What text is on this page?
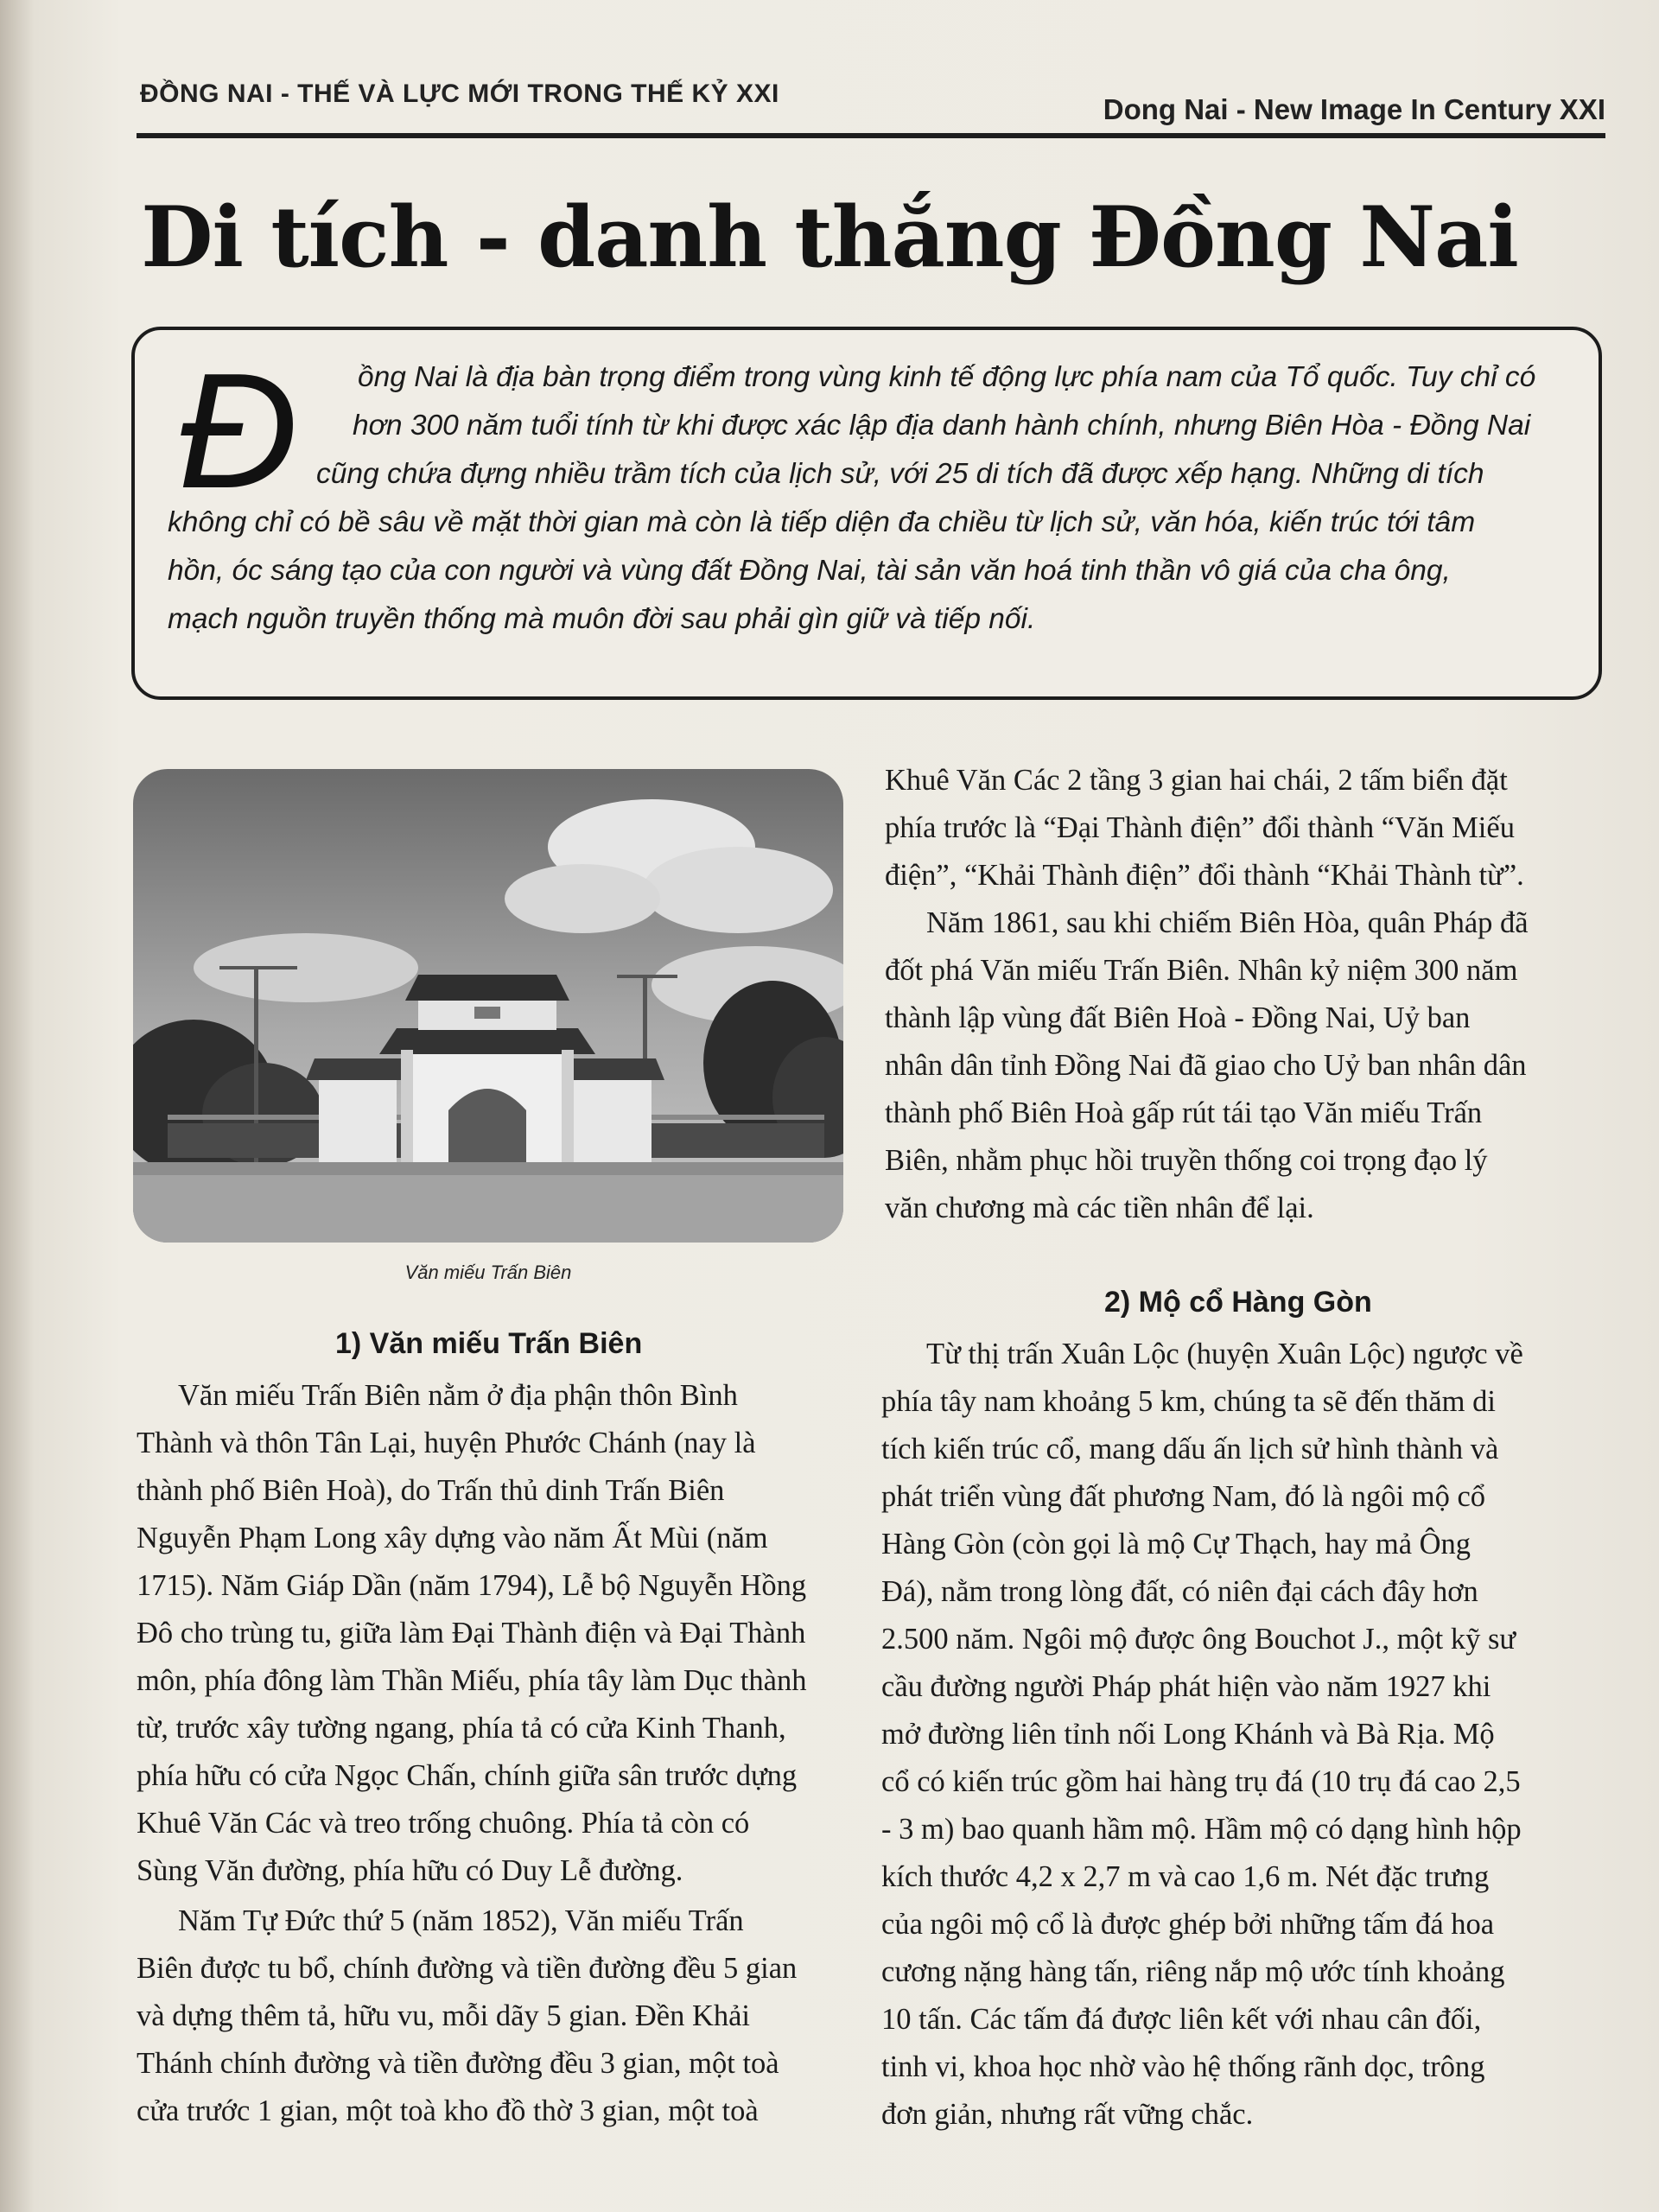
ĐỒNG NAI - THẾ VÀ LỰC MỚI TRONG THẾ KỶ XXI	Dong Nai - New Image In Century XXI
Di tích - danh thắng Đồng Nai
Đ ồng Nai là địa bàn trọng điểm trong vùng kinh tế động lực phía nam của Tổ quốc. Tuy chỉ có
hơn 300 năm tuổi tính từ khi được xác lập địa danh hành chính, nhưng Biên Hòa - Đồng Nai
cũng chứa đựng nhiều trầm tích của lịch sử, với 25 di tích đã được xếp hạng. Những di tích
không chỉ có bề sâu về mặt thời gian mà còn là tiếp diện đa chiều từ lịch sử, văn hóa, kiến trúc tới tâm
hồn, óc sáng tạo của con người và vùng đất Đồng Nai, tài sản văn hoá tinh thần vô giá của cha ông,
mạch nguồn truyền thống mà muôn đời sau phải gìn giữ và tiếp nối.
Văn miếu Trấn Biên
1) Văn miếu Trấn Biên
Văn miếu Trấn Biên nằm ở địa phận thôn Bình
Thành và thôn Tân Lại, huyện Phước Chánh (nay là
thành phố Biên Hoà), do Trấn thủ dinh Trấn Biên
Nguyễn Phạm Long xây dựng vào năm Ất Mùi (năm
1715). Năm Giáp Dần (năm 1794), Lễ bộ Nguyễn Hồng
Đô cho trùng tu, giữa làm Đại Thành điện và Đại Thành
môn, phía đông làm Thần Miếu, phía tây làm Dục thành
từ, trước xây tường ngang, phía tả có cửa Kinh Thanh,
phía hữu có cửa Ngọc Chấn, chính giữa sân trước dựng
Khuê Văn Các và treo trống chuông. Phía tả còn có
Sùng Văn đường, phía hữu có Duy Lễ đường.
Năm Tự Đức thứ 5 (năm 1852), Văn miếu Trấn
Biên được tu bổ, chính đường và tiền đường đều 5 gian
và dựng thêm tả, hữu vu, mỗi dãy 5 gian. Đền Khải
Thánh chính đường và tiền đường đều 3 gian, một toà
cửa trước 1 gian, một toà kho đồ thờ 3 gian, một toà
Khuê Văn Các 2 tầng 3 gian hai chái, 2 tấm biển đặt
phía trước là “Đại Thành điện” đổi thành “Văn Miếu
điện”, “Khải Thành điện” đổi thành “Khải Thành từ”.
Năm 1861, sau khi chiếm Biên Hòa, quân Pháp đã
đốt phá Văn miếu Trấn Biên. Nhân kỷ niệm 300 năm
thành lập vùng đất Biên Hoà - Đồng Nai, Uỷ ban
nhân dân tỉnh Đồng Nai đã giao cho Uỷ ban nhân dân
thành phố Biên Hoà gấp rút tái tạo Văn miếu Trấn
Biên, nhằm phục hồi truyền thống coi trọng đạo lý
văn chương mà các tiền nhân để lại.
2) Mộ cổ Hàng Gòn
Từ thị trấn Xuân Lộc (huyện Xuân Lộc) ngược về
phía tây nam khoảng 5 km, chúng ta sẽ đến thăm di
tích kiến trúc cổ, mang dấu ấn lịch sử hình thành và
phát triển vùng đất phương Nam, đó là ngôi mộ cổ
Hàng Gòn (còn gọi là mộ Cự Thạch, hay mả Ông
Đá), nằm trong lòng đất, có niên đại cách đây hơn
2.500 năm. Ngôi mộ được ông Bouchot J., một kỹ sư
cầu đường người Pháp phát hiện vào năm 1927 khi
mở đường liên tỉnh nối Long Khánh và Bà Rịa. Mộ
cổ có kiến trúc gồm hai hàng trụ đá (10 trụ đá cao 2,5
- 3 m) bao quanh hầm mộ. Hầm mộ có dạng hình hộp
kích thước 4,2 x 2,7 m và cao 1,6 m. Nét đặc trưng
của ngôi mộ cổ là được ghép bởi những tấm đá hoa
cương nặng hàng tấn, riêng nắp mộ ước tính khoảng
10 tấn. Các tấm đá được liên kết với nhau cân đối,
tinh vi, khoa học nhờ vào hệ thống rãnh dọc, trông
đơn giản, nhưng rất vững chắc.
